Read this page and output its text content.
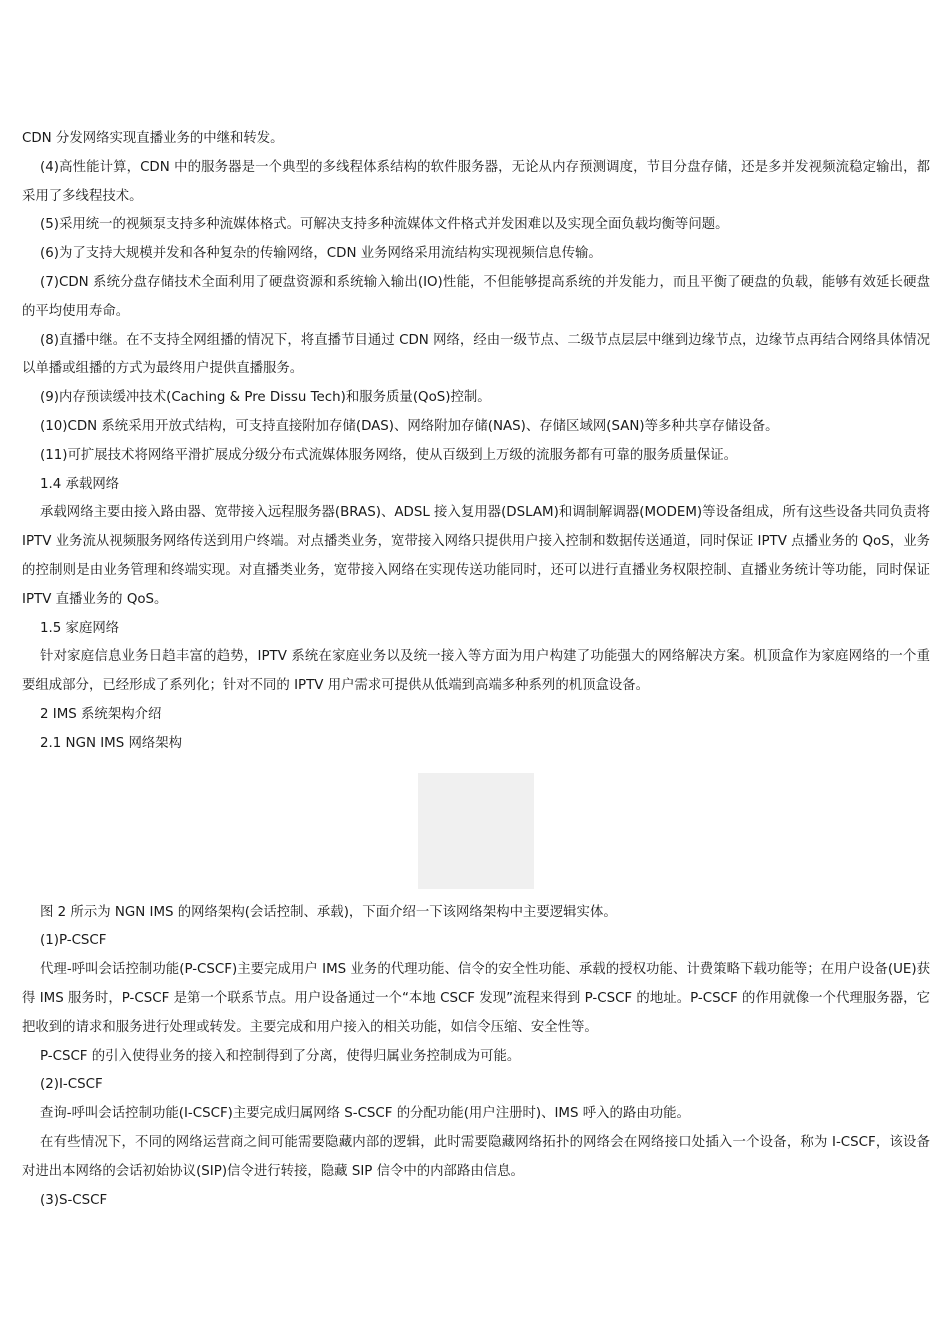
CDN 分发网络实现直播业务的中继和转发。

(4)高性能计算，CDN 中的服务器是一个典型的多线程体系结构的软件服务器，无论从内存预测调度，节目分盘存储，还是多并发视频流稳定输出，都采用了多线程技术。

(5)采用统一的视频泵支持多种流媒体格式。可解决支持多种流媒体文件格式并发困难以及实现全面负载均衡等问题。

(6)为了支持大规模并发和各种复杂的传输网络，CDN 业务网络采用流结构实现视频信息传输。

(7)CDN 系统分盘存储技术全面利用了硬盘资源和系统输入输出(IO)性能，不但能够提高系统的并发能力，而且平衡了硬盘的负载，能够有效延长硬盘的平均使用寿命。

(8)直播中继。在不支持全网组播的情况下，将直播节目通过 CDN 网络，经由一级节点、二级节点层层中继到边缘节点，边缘节点再结合网络具体情况以单播或组播的方式为最终用户提供直播服务。

(9)内存预读缓冲技术(Caching & Pre Dissu Tech)和服务质量(QoS)控制。

(10)CDN 系统采用开放式结构，可支持直接附加存储(DAS)、网络附加存储(NAS)、存储区域网(SAN)等多种共享存储设备。

(11)可扩展技术将网络平滑扩展成分级分布式流媒体服务网络，使从百级到上万级的流服务都有可靠的服务质量保证。

1.4 承载网络

承载网络主要由接入路由器、宽带接入远程服务器(BRAS)、ADSL 接入复用器(DSLAM)和调制解调器(MODEM)等设备组成，所有这些设备共同负责将 IPTV 业务流从视频服务网络传送到用户终端。对点播类业务，宽带接入网络只提供用户接入控制和数据传送通道，同时保证 IPTV 点播业务的 QoS，业务的控制则是由业务管理和终端实现。对直播类业务，宽带接入网络在实现传送功能同时，还可以进行直播业务权限控制、直播业务统计等功能，同时保证 IPTV 直播业务的 QoS。

1.5 家庭网络

针对家庭信息业务日趋丰富的趋势，IPTV 系统在家庭业务以及统一接入等方面为用户构建了功能强大的网络解决方案。机顶盒作为家庭网络的一个重要组成部分，已经形成了系列化；针对不同的 IPTV 用户需求可提供从低端到高端多种系列的机顶盒设备。

2 IMS 系统架构介绍

2.1 NGN IMS 网络架构

图 2 所示为 NGN IMS 的网络架构(会话控制、承载)，下面介绍一下该网络架构中主要逻辑实体。

(1)P-CSCF

代理-呼叫会话控制功能(P-CSCF)主要完成用户 IMS 业务的代理功能、信令的安全性功能、承载的授权功能、计费策略下载功能等；在用户设备(UE)获得 IMS 服务时，P-CSCF 是第一个联系节点。用户设备通过一个“本地 CSCF 发现”流程来得到 P-CSCF 的地址。P-CSCF 的作用就像一个代理服务器，它把收到的请求和服务进行处理或转发。主要完成和用户接入的相关功能，如信令压缩、安全性等。

P-CSCF 的引入使得业务的接入和控制得到了分离，使得归属业务控制成为可能。

(2)I-CSCF

查询-呼叫会话控制功能(I-CSCF)主要完成归属网络 S-CSCF 的分配功能(用户注册时)、IMS 呼入的路由功能。

在有些情况下，不同的网络运营商之间可能需要隐藏内部的逻辑，此时需要隐藏网络拓扑的网络会在网络接口处插入一个设备，称为 I-CSCF，该设备对进出本网络的会话初始协议(SIP)信令进行转接，隐藏 SIP 信令中的内部路由信息。

(3)S-CSCF
